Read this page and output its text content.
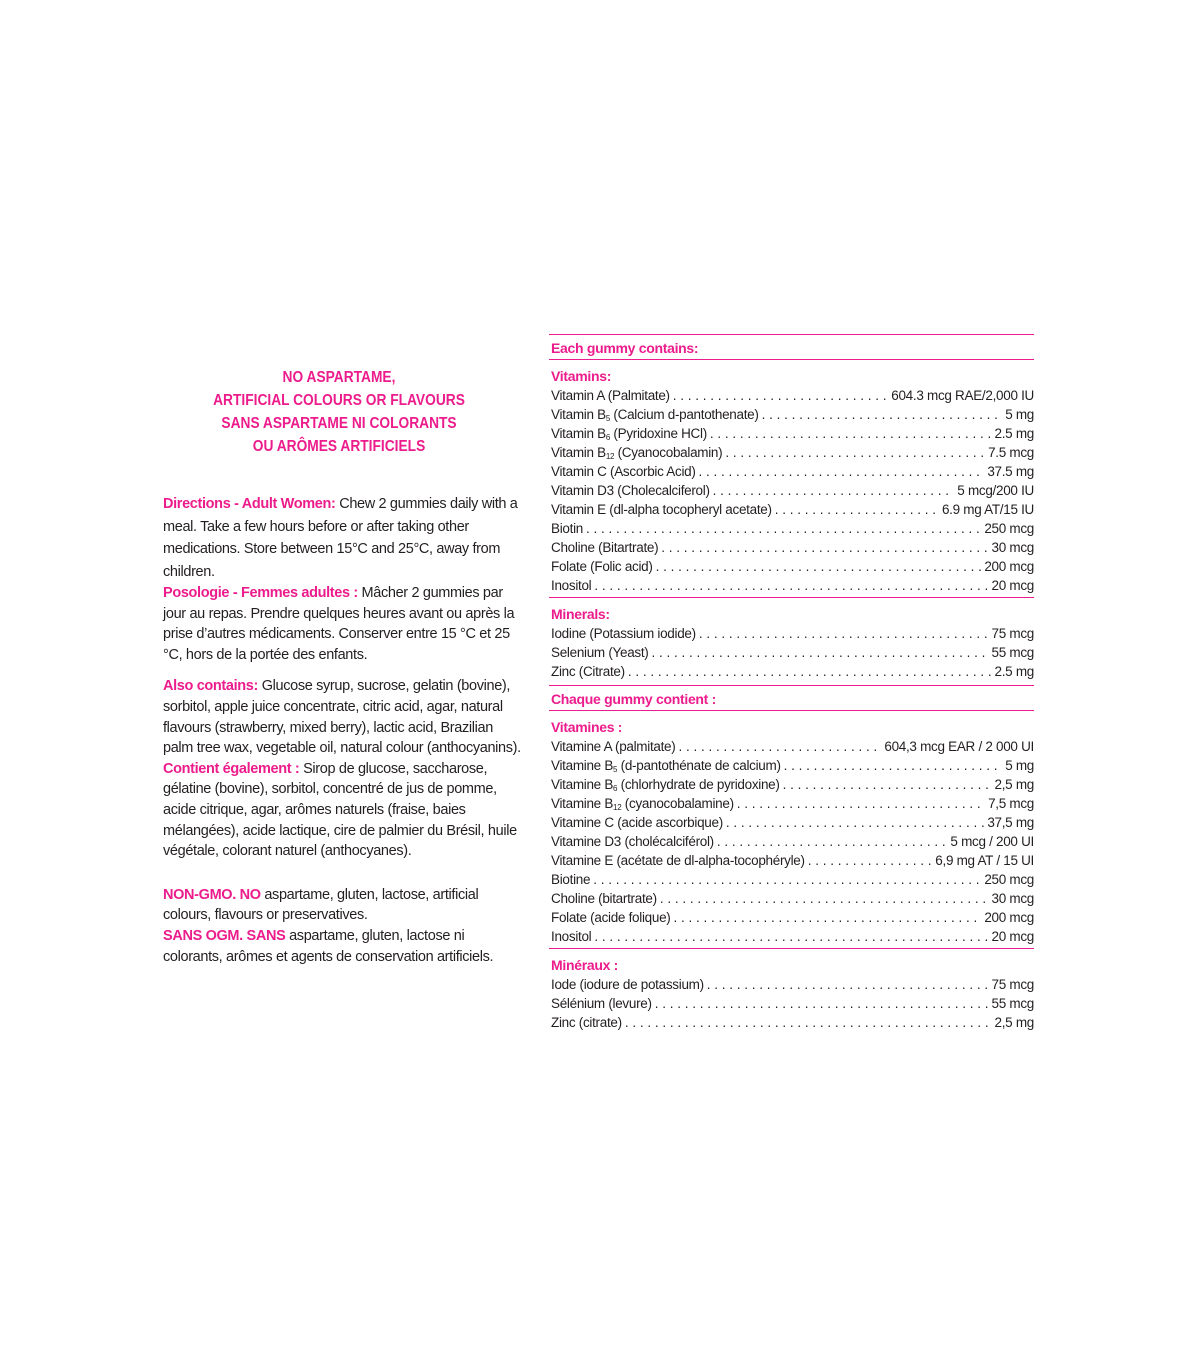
NO ASPARTAME,
ARTIFICIAL COLOURS OR FLAVOURS
SANS ASPARTAME NI COLORANTS
OU ARÔMES ARTIFICIELS

Directions - Adult Women: Chew 2 gummies daily with a meal. Take a few hours before or after taking other medications. Store between 15°C and 25°C, away from children.

Posologie - Femmes adultes : Mâcher 2 gummies par jour au repas. Prendre quelques heures avant ou après la prise d’autres médicaments. Conserver entre 15 °C et 25 °C, hors de la portée des enfants.

Also contains: Glucose syrup, sucrose, gelatin (bovine), sorbitol, apple juice concentrate, citric acid, agar, natural flavours (strawberry, mixed berry), lactic acid, Brazilian palm tree wax, vegetable oil, natural colour (anthocyanins).

Contient également : Sirop de glucose, saccharose, gélatine (bovine), sorbitol, concentré de jus de pomme, acide citrique, agar, arômes naturels (fraise, baies mélangées), acide lactique, cire de palmier du Brésil, huile végétale, colorant naturel (anthocyanes).

NON-GMO. NO aspartame, gluten, lactose, artificial colours, flavours or preservatives.

SANS OGM. SANS aspartame, gluten, lactose ni colorants, arômes et agents de conservation artificiels.

Each gummy contains:
Vitamins:
Vitamin A (Palmitate) . . .	604.3 mcg RAE/2,000 IU
Vitamin $B_5$ (Calcium d-pantothenate) . . .	5 mg
Vitamin $B_6$ (Pyridoxine HCl) . . .	2.5 mg
Vitamin $B_{12}$ (Cyanocobalamin) . . .	7.5 mcg
Vitamin C (Ascorbic Acid) . . .	37.5 mg
Vitamin D3 (Cholecalciferol) . . .	5 mcg/200 IU
Vitamin E (dl-alpha tocopheryl acetate) . . .	6.9 mg AT/15 IU
Biotin . . .	250 mcg
Choline (Bitartrate) . . .	30 mcg
Folate (Folic acid) . . .	200 mcg
Inositol . . .	20 mcg
Minerals:
Iodine (Potassium iodide) . . .	75 mcg
Selenium (Yeast) . . .	55 mcg
Zinc (Citrate) . . .	2.5 mg
Chaque gummy contient :
Vitamines :
Vitamine A (palmitate) . . .	604,3 mcg EAR / 2 000 UI
Vitamine $B_5$ (d-pantothénate de calcium) . . .	5 mg
Vitamine $B_6$ (chlorhydrate de pyridoxine) . . .	2,5 mg
Vitamine $B_{12}$ (cyanocobalamine) . . .	7,5 mcg
Vitamine C (acide ascorbique) . . .	37,5 mg
Vitamine D3 (cholécalciférol) . . .	5 mcg / 200 UI
Vitamine E (acétate de dl-alpha-tocophéryle) . . .	6,9 mg AT / 15 UI
Biotine . . .	250 mcg
Choline (bitartrate) . . .	30 mcg
Folate (acide folique) . . .	200 mcg
Inositol . . .	20 mcg
Minéraux :
Iode (iodure de potassium) . . .	75 mcg
Sélénium (levure) . . .	55 mcg
Zinc (citrate) . . .	2,5 mg
